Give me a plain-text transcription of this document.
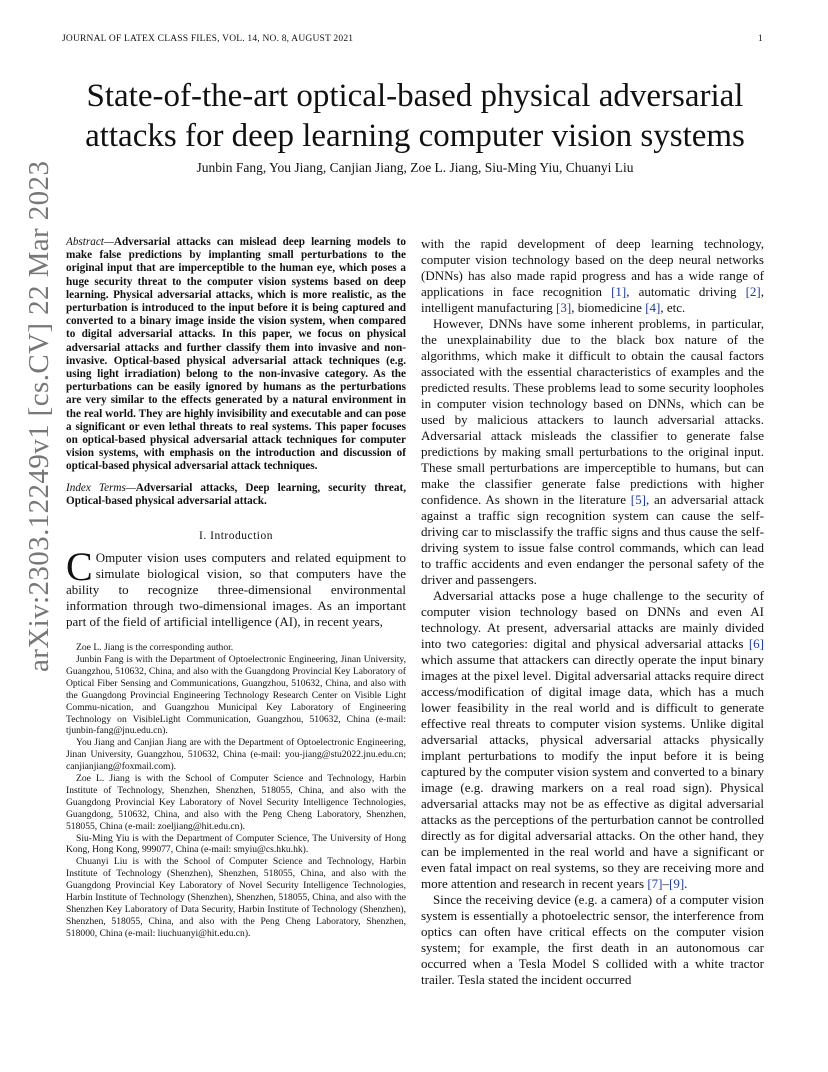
JOURNAL OF LATEX CLASS FILES, VOL. 14, NO. 8, AUGUST 2021	1
arXiv:2303.12249v1 [cs.CV] 22 Mar 2023
State-of-the-art optical-based physical adversarial attacks for deep learning computer vision systems
Junbin Fang, You Jiang, Canjian Jiang, Zoe L. Jiang, Siu-Ming Yiu, Chuanyi Liu

Abstract—Adversarial attacks can mislead deep learning models to make false predictions by implanting small perturbations to the original input that are imperceptible to the human eye, which poses a huge security threat to the computer vision systems based on deep learning. Physical adversarial attacks, which is more realistic, as the perturbation is introduced to the input before it is being captured and converted to a binary image inside the vision system, when compared to digital adversarial attacks. In this paper, we focus on physical adversarial attacks and further classify them into invasive and non-invasive. Optical-based physical adversarial attack techniques (e.g. using light irradiation) belong to the non-invasive category. As the perturbations can be easily ignored by humans as the perturbations are very similar to the effects generated by a natural environment in the real world. They are highly invisibility and executable and can pose a significant or even lethal threats to real systems. This paper focuses on optical-based physical adversarial attack techniques for computer vision systems, with emphasis on the introduction and discussion of optical-based physical adversarial attack techniques.

Index Terms—Adversarial attacks, Deep learning, security threat, Optical-based physical adversarial attack.

I. Introduction

C Omputer vision uses computers and related equipment to simulate biological vision, so that computers have the ability to recognize three-dimensional environmental information through two-dimensional images. As an important part of the field of artificial intelligence (AI), in recent years,

Zoe L. Jiang is the corresponding author.

Junbin Fang is with the Department of Optoelectronic Engineering, Jinan University, Guangzhou, 510632, China, and also with the Guangdong Provincial Key Laboratory of Optical Fiber Sensing and Communications, Guangzhou, 510632, China, and also with the Guangdong Provincial Engineering Technology Research Center on Visible Light Commu-nication, and Guangzhou Municipal Key Laboratory of Engineering Technology on VisibleLight Communication, Guangzhou, 510632, China (e-mail: tjunbin-fang@jnu.edu.cn).

You Jiang and Canjian Jiang are with the Department of Optoelectronic Engineering, Jinan University, Guangzhou, 510632, China (e-mail: you-jiang@stu2022.jnu.edu.cn; canjianjiang@foxmail.com).

Zoe L. Jiang is with the School of Computer Science and Technology, Harbin Institute of Technology, Shenzhen, Shenzhen, 518055, China, and also with the Guangdong Provincial Key Laboratory of Novel Security Intelligence Technologies, Guangdong, 510632, China, and also with the Peng Cheng Laboratory, Shenzhen, 518055, China (e-mail: zoeljiang@hit.edu.cn).

Siu-Ming Yiu is with the Department of Computer Science, The University of Hong Kong, Hong Kong, 999077, China (e-mail: smyiu@cs.hku.hk).

Chuanyi Liu is with the School of Computer Science and Technology, Harbin Institute of Technology (Shenzhen), Shenzhen, 518055, China, and also with the Guangdong Provincial Key Laboratory of Novel Security Intelligence Technologies, Harbin Institute of Technology (Shenzhen), Shenzhen, 518055, China, and also with the Shenzhen Key Laboratory of Data Security, Harbin Institute of Technology (Shenzhen), Shenzhen, 518055, China, and also with the Peng Cheng Laboratory, Shenzhen, 518000, China (e-mail: liuchuanyi@hit.edu.cn).

with the rapid development of deep learning technology, computer vision technology based on the deep neural networks (DNNs) has also made rapid progress and has a wide range of applications in face recognition [1], automatic driving [2], intelligent manufacturing [3], biomedicine [4], etc.

However, DNNs have some inherent problems, in particular, the unexplainability due to the black box nature of the algorithms, which make it difficult to obtain the causal factors associated with the essential characteristics of examples and the predicted results. These problems lead to some security loopholes in computer vision technology based on DNNs, which can be used by malicious attackers to launch adversarial attacks. Adversarial attack misleads the classifier to generate false predictions by making small perturbations to the original input. These small perturbations are imperceptible to humans, but can make the classifier generate false predictions with higher confidence. As shown in the literature [5], an adversarial attack against a traffic sign recognition system can cause the self-driving car to misclassify the traffic signs and thus cause the self-driving system to issue false control commands, which can lead to traffic accidents and even endanger the personal safety of the driver and passengers.

Adversarial attacks pose a huge challenge to the security of computer vision technology based on DNNs and even AI technology. At present, adversarial attacks are mainly divided into two categories: digital and physical adversarial attacks [6] which assume that attackers can directly operate the input binary images at the pixel level. Digital adversarial attacks require direct access/modification of digital image data, which has a much lower feasibility in the real world and is difficult to generate effective real threats to computer vision systems. Unlike digital adversarial attacks, physical adversarial attacks physically implant perturbations to modify the input before it is being captured by the computer vision system and converted to a binary image (e.g. drawing markers on a real road sign). Physical adversarial attacks may not be as effective as digital adversarial attacks as the perceptions of the perturbation cannot be controlled directly as for digital adversarial attacks. On the other hand, they can be implemented in the real world and have a significant or even fatal impact on real systems, so they are receiving more and more attention and research in recent years [7]–[9].

Since the receiving device (e.g. a camera) of a computer vision system is essentially a photoelectric sensor, the interference from optics can often have critical effects on the computer vision system; for example, the first death in an autonomous car occurred when a Tesla Model S collided with a white tractor trailer. Tesla stated the incident occurred
